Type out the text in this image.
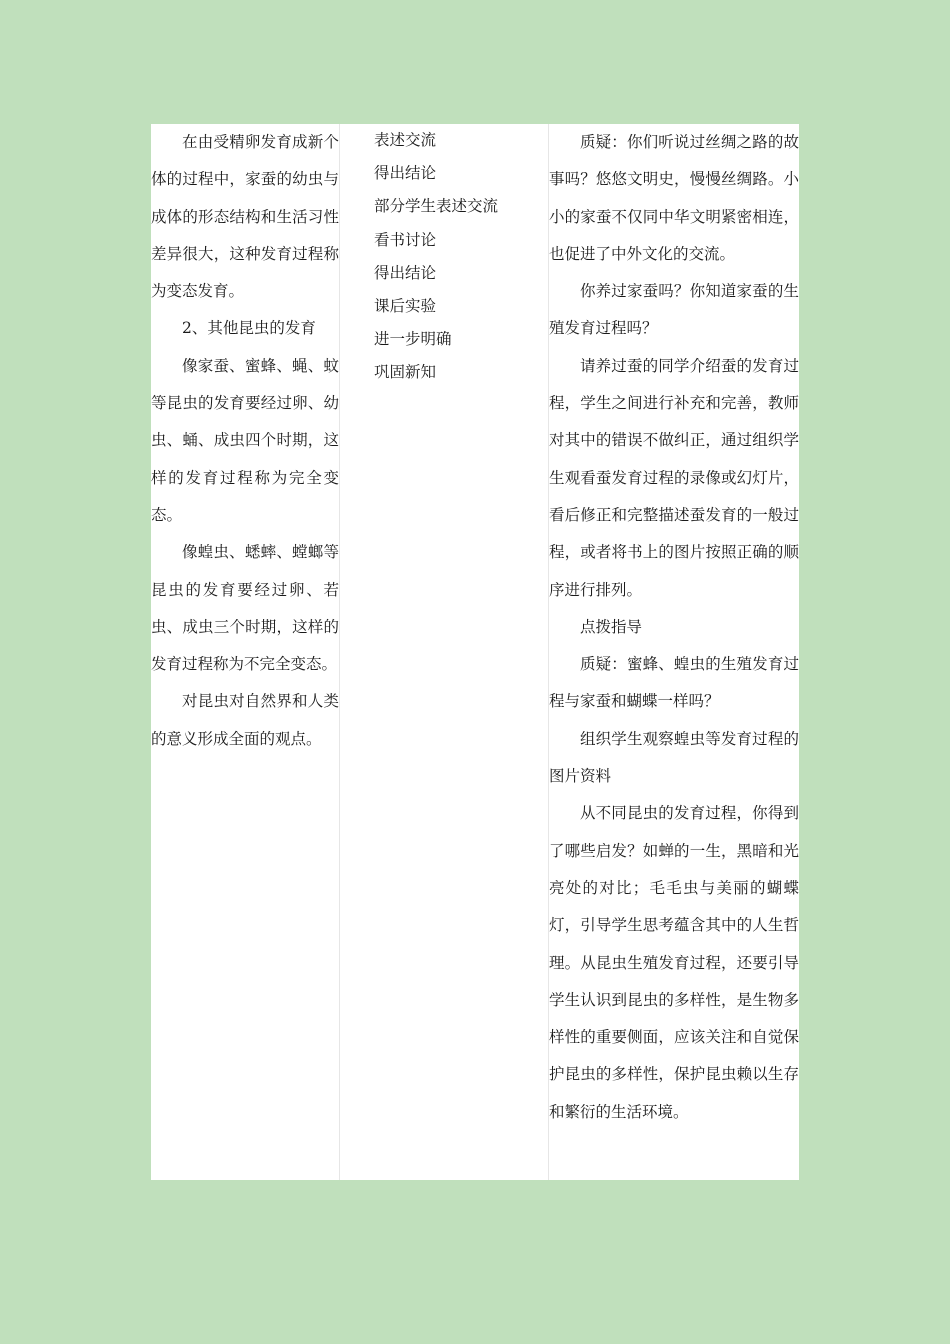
在由受精卵发育成新个体的过程中，家蚕的幼虫与成体的形态结构和生活习性差异很大，这种发育过程称为变态发育。

2、其他昆虫的发育

像家蚕、蜜蜂、蝇、蚊等昆虫的发育要经过卵、幼虫、蛹、成虫四个时期，这样的发育过程称为完全变态。

像蝗虫、蟋蟀、螳螂等昆虫的发育要经过卵、若虫、成虫三个时期，这样的发育过程称为不完全变态。

对昆虫对自然界和人类的意义形成全面的观点。

表述交流

得出结论

部分学生表述交流

看书讨论

得出结论

课后实验

进一步明确

巩固新知

质疑：你们听说过丝绸之路的故事吗？悠悠文明史，慢慢丝绸路。小小的家蚕不仅同中华文明紧密相连，也促进了中外文化的交流。

你养过家蚕吗？你知道家蚕的生殖发育过程吗？

请养过蚕的同学介绍蚕的发育过程，学生之间进行补充和完善，教师对其中的错误不做纠正，通过组织学生观看蚕发育过程的录像或幻灯片，看后修正和完整描述蚕发育的一般过程，或者将书上的图片按照正确的顺序进行排列。

点拨指导

质疑：蜜蜂、蝗虫的生殖发育过程与家蚕和蝴蝶一样吗？

组织学生观察蝗虫等发育过程的图片资料

从不同昆虫的发育过程，你得到了哪些启发？如蝉的一生，黑暗和光亮处的对比；毛毛虫与美丽的蝴蝶灯，引导学生思考蕴含其中的人生哲理。从昆虫生殖发育过程，还要引导学生认识到昆虫的多样性，是生物多样性的重要侧面，应该关注和自觉保护昆虫的多样性，保护昆虫赖以生存和繁衍的生活环境。
